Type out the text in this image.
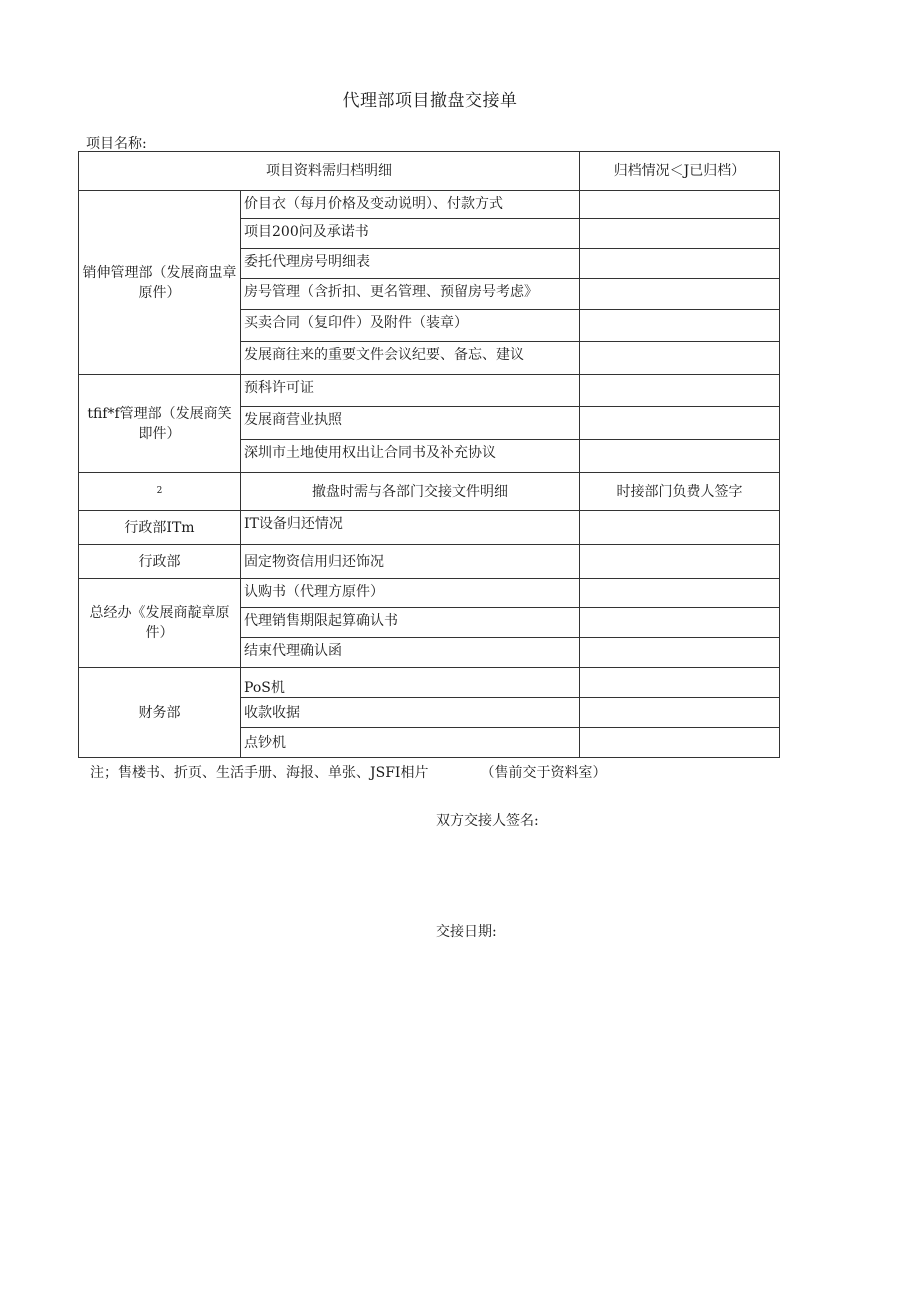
代理部项目撤盘交接单
项目名称:
项目资料需归档明细		归档情况＜J已归档）
销伸管理部（发展商盅章原件）	价目衣（每月价格及变动说明）、付款方式	
	项目200问及承诺书	
	委托代理房号明细表	
	房号管理（含折扣、更名管理、预留房号考虑》	
	买卖合同（复印件）及附件（装章）	
	发展商往来的重要文件会议纪要、备忘、建议	
tfif*f管理部（发展商笑即件）	预科许可证	
	发展商营业执照	
	深圳市土地使用权出让合同书及补充协议	
$^2$	撤盘时需与各部门交接文件明细	时接部门负费人签字
行政部ITm	IT设备归还情况	
行政部	固定物资信用归还饰况	
总经办《发展商靛章原件）	认购书（代理方原件）	
	代理销售期限起算确认书	
	结束代理确认函	
财务部	PoS机	
	收款收据	
	点钞机	
注；售楼书、折页、生活手册、海报、单张、JSFI相片	（售前交于资料室）
双方交接人签名:
交接日期:
